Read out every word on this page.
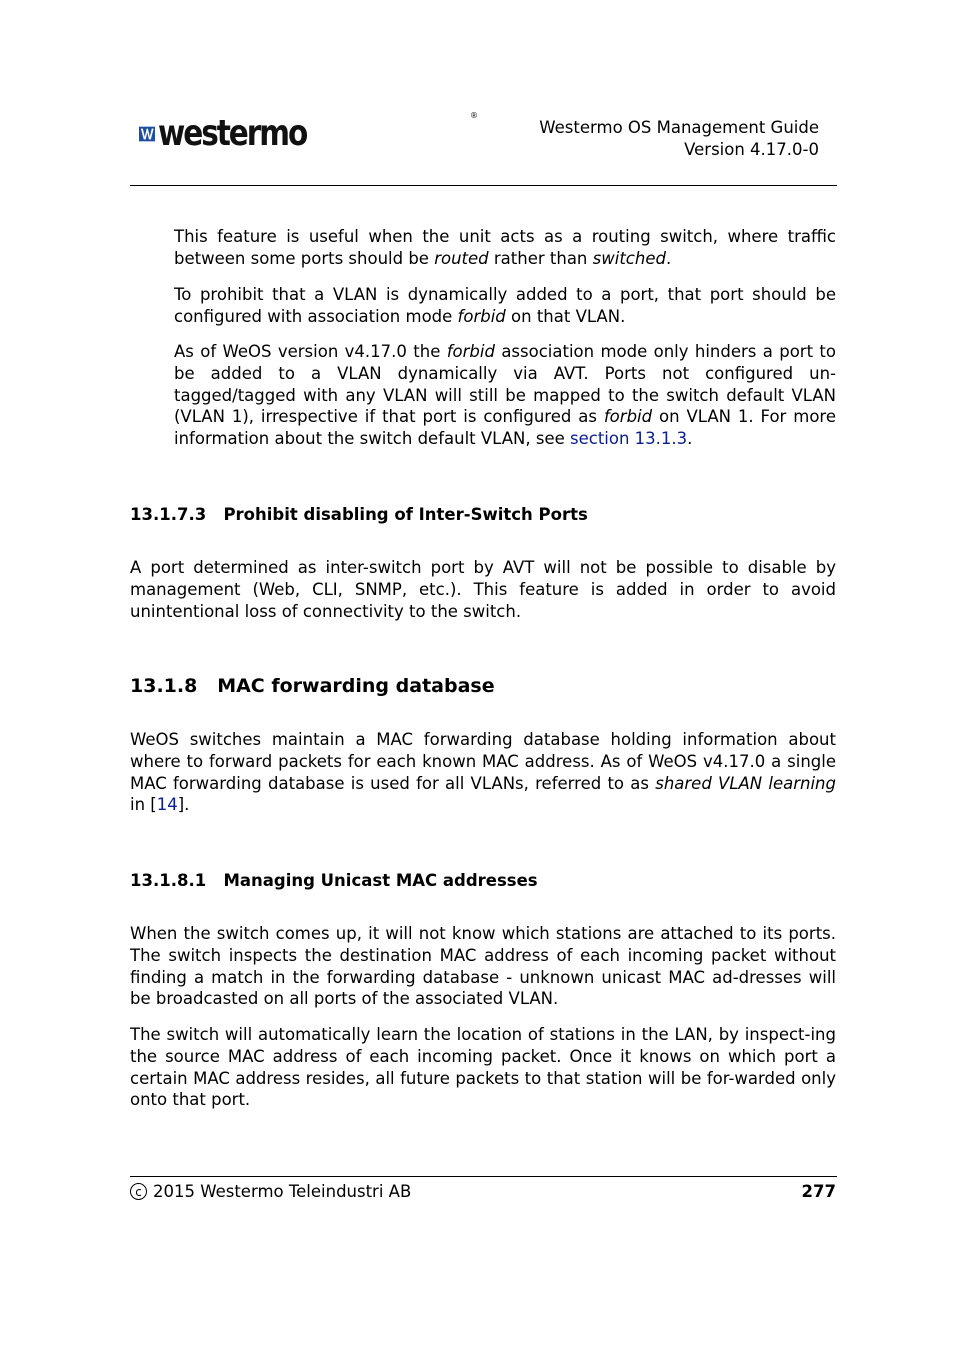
westermo	®
Westermo OS Management Guide
Version 4.17.0-0

This feature is useful when the unit acts as a routing switch, where traffic between some ports should be routed rather than switched.

To prohibit that a VLAN is dynamically added to a port, that port should be configured with association mode forbid on that VLAN.

As of WeOS version v4.17.0 the forbid association mode only hinders a port to be added to a VLAN dynamically via AVT. Ports not configured un-tagged/tagged with any VLAN will still be mapped to the switch default VLAN (VLAN 1), irrespective if that port is configured as forbid on VLAN 1. For more information about the switch default VLAN, see section 13.1.3.

13.1.7.3 Prohibit disabling of Inter-Switch Ports

A port determined as inter-switch port by AVT will not be possible to disable by management (Web, CLI, SNMP, etc.). This feature is added in order to avoid unintentional loss of connectivity to the switch.

13.1.8 MAC forwarding database

WeOS switches maintain a MAC forwarding database holding information about where to forward packets for each known MAC address. As of WeOS v4.17.0 a single MAC forwarding database is used for all VLANs, referred to as shared VLAN learning in [14].

13.1.8.1 Managing Unicast MAC addresses

When the switch comes up, it will not know which stations are attached to its ports. The switch inspects the destination MAC address of each incoming packet without finding a match in the forwarding database - unknown unicast MAC ad-dresses will be broadcasted on all ports of the associated VLAN.

The switch will automatically learn the location of stations in the LAN, by inspect-ing the source MAC address of each incoming packet. Once it knows on which port a certain MAC address resides, all future packets to that station will be for-warded only onto that port.

c 2015 Westermo Teleindustri AB	277
